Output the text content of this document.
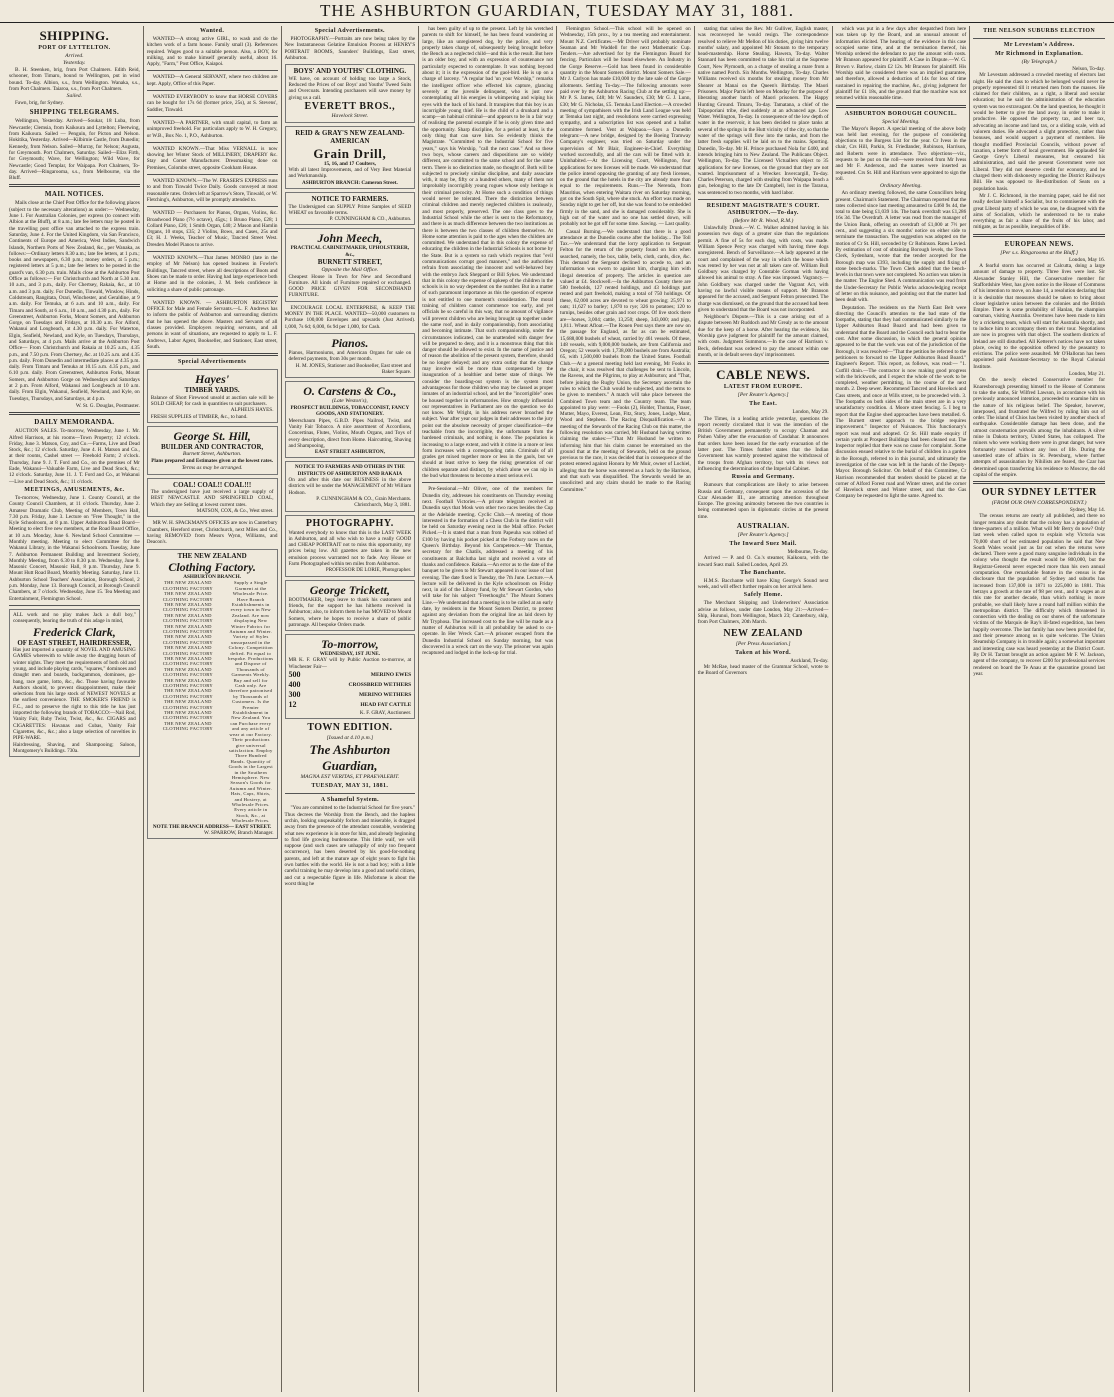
THE ASHBURTON GUARDIAN, TUESDAY MAY 31, 1881.
SHIPPING.
PORT OF LYTTELTON.
Arrived.
Yesterday.

B. H. Steenken, brig, from Port Chalmers. Edith Reid, schooner, from Timaru, bound to Wellington, put in wind bound. To-day. Albion, s.s., from Wellington. Wanaka, s.s., from Port Chalmers. Taiaroa, s.s., from Port Chalmers.

Sailed.

Fawn, brig, for Sydney.

SHIPPING TELEGRAMS.

Wellington, Yesterday. Arrived—Soukar, 18 Luba, from Newcastle; Clemsia, from Kaikoura and Lyttelton; Fleetwing, from Kaikoura. Sailed — Penguin, for Picton and Nelson. Hokitika, Yesterday. Arrived—Kilbirnie Castle, from Dunedin; Kennedy, from Nelson. Sailed—Murray, for Nelson; Augusta, for Greymouth. Port Chalmers, Saturday. Sailed—Elizs Firth, for Greymouth; Wave, for Wellington; Wild Wave, for Newcastle; Good Templar, for Waipapa. Port Chalmers, To-day. Arrived—Ringarooma, s.s., from Melbourne, via the Bluff.

MAIL NOTICES.

Mails close at the Chief Post Office for the following places (subject to the necessary alterations) as under:— Wednesday, June 1. For Australian Colonies, per express (to connect with Albion at the Bluff), at 8 a.m.; late fee letters may be posted in the travelling post office van attached to the express train. Saturday, June 4. For the United Kingdom, via San Francisco, Continents of Europe and America, West Indies, Sandwich Islands, Northern Ports of New Zealand, &c., per Wanaka, as follows:—Ordinary letters 8.30 a.m.; late fee letters, at 1 p.m.; books and newspapers, 6.30 p.m.; money orders, at 5 p.m.; registered letters at 5 p.m.; late fee letters to be posted in the guard's van, 6.30 p.m. train. Mails close at the Ashburton Post Office as follows:— For Christchurch and North at 5.30 a.m. 10 a.m., and 3 p.m., daily. For Chertsey, Rakaia, &c., at 10 a.m. and 3 p.m. daily. For Dunedin, Tinwald, Winslow, Hinds, Coldstream, Rangitata, Orari, Winchester, and Geraldine, at 9 a.m. daily. For Temuka, at 6 a.m. and 10 a.m., daily. For Timaru and South, at 6 a.m., 10 a.m., and 4.30 p.m., daily. For Greenstreet, Ashburton Forks, Mount Somers, and Ashburton Gorge, on Tuesdays and Fridays, at 10.30 a.m. For Alford, Wakanui and Longbeach, at 4.30 p.m. daily. For Waterton, Elgin, Seafield, Newland, and Kyle, on Tuesdays, Thursdays, and Saturdays, at 4 p.m. Mails arrive at the Ashburton Post Office— From Christchurch and Rakaia at 10.25 a.m., 4.35 p.m., and 7.50 p.m. From Chertsey, &c. at 10.25 a.m. and 4.35 p.m. daily. From Dunedin and intermediate places at 4.35 p.m. daily. From Timaru and Temuka at 10.15 a.m. 4.35 p.m., and 6.10 p.m. daily. From Greenstreet, Ashburton Forks, Mount Somers, and Ashburton Gorge on Wednesdays and Saturdays at 2 p.m. From Alford, Wakanui and Longbeach at 10 a.m. daily. From Elgin, Wakanui, Seafield, Newland, and Kyle, on Tuesdays, Thursdays, and Saturdays, at 4 p.m.

W. St. G. Douglas, Postmaster.
DAILY MEMORANDA.

AUCTION SALES. To-morrow, Wednesday, June 1. Mr. Alfred Harrison, at his rooms—Town Property; 12 o'clock. Friday, June 3. Matson, Coy, and Co.—Farms, Live and Dead Stock, &c.; 12 o'clock. Saturday, June 4. H. Matson and Co., at their rooms, Cashel street — Freehold Farm; 2 o'clock. Thursday, June 9. J. T. Ford and Co., on the premises of Mr Eade, Wakanui—Valuable Farm, Live and Dead Stock, &c.; 12 o'clock. Saturday, June 11. J. T. Ford and Co., at Wakanui—Live and Dead Stock, &c.; 11 o'clock.

MEETINGS, AMUSEMENTS, &c.

To-morrow, Wednesday, June 1. County Council, at the County Council Chambers, at 11 o'clock. Thursday, June 2. Amateur Dramatic Club, Meeting of Members, Town Hall, 7.30 p.m. Friday, June 3. Lecture on "Free Thought," in the Kyle Schoolroom, at 8 p.m. Upper Ashburton Road Board—Meeting to elect five new members, at the Road Board Office, at 10 a.m. Monday, June 6. Newland School Committee — Monthly meeting. Meeting to elect Committee for the Wakanui Library, in the Wakanui Schoolroom. Tuesday, June 7. Ashburton Permanent Building and Investment Society, Monthly Meeting, from 6.30 to 8.30 p.m. Wednesday, June 8. Masonic Concert, Masonic Hall, 8 p.m. Thursday, June 9. Mount Hutt Road Board, Monthly Meeting. Saturday, June 11. Ashburton School Teachers' Association, Borough School, 2 p.m. Monday, June 13. Borough Council, at Borough Council Chambers, at 7 o'clock. Wednesday, June 15. Tea Meeting and Entertainment, Flemington School.

ALL work and no play makes Jack a dull boy," consequently, bearing the truth of this adage in mind,
Frederick Clark,
OF EAST STREET, HAIRDRESSER,
Has just imported a quantity of NOVEL AND AMUSING GAMES wherewith to while away the dragging hours of winter nights. They meet the requirements of both old and young, and include playing cards, "squares," dominoes and draught men and boards, backgammon, dominoes, go-bang, race game, lotto, &c., &c. Those having favourite Authors should, to prevent disappointment, make their selections from his large stock of NEWEST NOVELS at the earliest convenience. THE SMOKER'S FRIEND is F.C., and to preserve the right to this title he has just imported the following brands of TOBACCO:—Nail Rod, Vanity Fair, Ruby Twist, Twist, &c., &c. CIGARS and CIGARETTES: Havanas and Cubas, Vanity Fair Cigarettes, &c., &c.; also a large selection of novelties in PIPE-WARE.
Hairdressing, Shaving, and Shampooing; Saloon, Montgomery's Buildings. 730a.
Wanted.

WANTED—A strong active GIRL, to wash and do the kitchen work of a farm house. Family small (3). References required. Wages good to a suitable person. Also, a BOY, for milking, and to make himself generally useful, about 16. Apply, "Farm," Post Office, Kaiapoi.

WANTED—A General SERVANT, where two children are kept. Apply, Office of this Paper.

WANTED EVERYBODY to know that HORSE COVERS can be bought for 17s 6d (former price, 25s), at S. Stevens', Saddler, Tinwald.

WANTED—A PARTNER, with small capital, to farm an unimproved freehold. For particulars apply to W. H. Gregory, or W.B., Box No. 1, P.O., Ashburton.

WANTED KNOWN.—That Miss VERNALL is now showing her Winter Stock of MILLINERY, DRAPERY &c. Stay and Corset Manufacturer. Dressmaking done on Premises, Colombo street, opposite Cookham House.

WANTED KNOWN.—The W. FRASER'S EXPRESS runs to and from Tinwald Twice Daily. Goods conveyed at most reasonable rates. Orders left at Sparrow's Store, Tinwald, or W. Fletching's, Ashburton, will be promptly attended to.

WANTED — Purchasers for Pianos, Organs, Violins, &c. Broadwood Piano (7½ octave), 45gs.; 1 Bruno Piano, £28; 1 Collard Piano, £26; 1 Smith Organ, £40; 2 Mason and Hamlin Organs, 10 stops, £35; 2 Violins, Bows, and Cases, 25s and £3; H. J. Weeks, Teacher of Music, Tancred Street West. Dresden Model Pianos to arrive.

WANTED KNOWN.—That James MONRO (late in the employ of Mr Nelson) has opened business in Fowler's Buildings, Tancred street, where all descriptions of Boots and Shoes can be made to order. Having had large experience both at Home and in the colonies, J. M. feels confidence in soliciting a share of public patronage.

WANTED KNOWN. — ASHBURTON REGISTRY OFFICE for Male and Female Servants.—L. F. Andrews has to inform the public of Ashburton and surrounding districts that he has opened the above. Masters and Servants of all classes provided. Employers requiring servants, and all persons in want of situations, are requested to apply to L. F. Andrews, Labor Agent, Bookseller, and Stationer, East street, South.

Special Advertisements
Hayes'
TIMBER YARDS.
Balance of Short Firewood unsold at auction sale will be SOLD CHEAP, for cash in quantities to suit purchasers.
ALPHEUS HAYES.
FRESH SUPPLIES of TIMBER, &c., to hand.
George St. Hill,
BUILDER AND CONTRACTOR,
Burnett Street, Ashburton.
Plans prepared and Estimates given at the lowest rates.
Terms as may be arranged.
COAL! COAL!! COAL!!!
The undersigned have just received a large supply of BEST NEWCASTLE AND SPRINGFIELD COAL, Which they are Selling at lowest current rates.
MATSON, COX, & Co., West street.

MR W. H. SPACKMAN'S OFFICES are now in Canterbury Chambers, Hereford street, Christchurch, next Miles and Co., having REMOVED from Messrs Wynn, Williams, and Deacon's.

THE NEW ZEALAND
Clothing Factory.
ASHBURTON BRANCH.
THE NEW ZEALAND CLOTHING FACTORY
THE NEW ZEALAND CLOTHING FACTORY
THE NEW ZEALAND CLOTHING FACTORY
THE NEW ZEALAND CLOTHING FACTORY
THE NEW ZEALAND CLOTHING FACTORY
THE NEW ZEALAND CLOTHING FACTORY
THE NEW ZEALAND CLOTHING FACTORY
THE NEW ZEALAND CLOTHING FACTORY
THE NEW ZEALAND CLOTHING FACTORY
THE NEW ZEALAND CLOTHING FACTORY
THE NEW ZEALAND CLOTHING FACTORY
THE NEW ZEALAND CLOTHING FACTORY
THE NEW ZEALAND CLOTHING FACTORY
THE NEW ZEALAND CLOTHING FACTORY
Supply a Single Garment at the Wholesale Price. Have Branch Establishments in every town in New Zealand. Are now displaying New Winter Fabrics for Autumn and Winter. Variety of Styles unsurpassed in the Colony. Competition defied. Fit equal to bespoke. Productions and Dispose of Thousands of Garments Weekly. Buy and sell for Cash only. Are therefore patronised by Thousands of Customers. Is the Premier Establishment in New Zealand. You can Purchase every and any article of wear at our Factory. Their productions give universal satisfaction. Employ Three Hundred Hands. Quantity of Goods in the Largest in the Southern Hemisphere. New Season's Goods for Autumn and Winter. Hats, Caps, Shirts, and Hosiery, at Wholesale Prices. Every article in Stock, &c., at Wholesale Prices.
NOTE THE BRANCH ADDRESS— EAST STREET.
W. SPARROW, Branch Manager.
Special Advertisements.

PHOTOGRAPHY.—Portraits are now being taken by the New Instantaneous Gelatine Emulsion Process at HENRY'S PORTRAIT ROOMS, Saunders' Buildings, East street, Ashburton.

BOYS' AND YOUTHS' CLOTHING.
WE have, on account of holding too large a Stock, Reduced the Prices of our Boys' and Youths' Tweed Suits and Overcoats. Intending purchasers will save money by giving us a call.
EVERETT BROS.,
Havelock Street.
REID & GRAY'S NEW ZEALAND-AMERICAN
Grain Drill,
15, 16, and 17 Coulters,
With all latest Improvements, and of Very Best Material and Workmanship.
ASHBURTON BRANCH: Cameron Street.
NOTICE TO FARMERS.
The Undersigned can SUPPLY Prime Samples of SEED WHEAT on favorable terms.
P. CUNNINGHAM & CO., Ashburton.
John Meech,
PRACTICAL CABINETMAKER, UPHOLSTERER, &c.,
BURNETT STREET,
Opposite the Mail Office.
Cheapest House in Town for New and Secondhand Furniture. All kinds of Furniture repaired or exchanged. GOOD PRICE GIVEN FOR SECONDHAND FURNITURE.

ENCOURAGE LOCAL ENTERPRISE, & KEEP THE MONEY IN THE PLACE. WANTED—50,000 customers to Purchase 100,000 Envelopes and upwards (Just Arrived). 1,000, 7s 6d; 6,000, 6s 9d per 1,000, for Cash.

Pianos.
Pianos, Harmoniums, and American Organs for sale on deferred payments, from 30s per month.
H. M. JONES, Stationer and Bookseller, East street and Baker Square.
O. Carstens & Co.,
(Late Weston's),
PROSPECT BUILDINGS, TOBACCONIST, FANCY GOODS, AND STATIONERY.
Meerschaum Pipes, G.B.D. Pipes Nailrod, Twist, and Vanity Fair Tobacco. A nice assortment of Accordions, Concertinas, Flutes, Violins, Mouth Organs, and Toys of every description, direct from Home. Haircutting, Shaving and Shampooing,
EAST STREET ASHBURTON,
NOTICE TO FARMERS AND OTHERS IN THE DISTRICTS OF ASHBURTON AND RAKAIA
On and after this date our BUSINESS in the above districts will be under the MANAGEMENT of Mr William Hodson.
P. CUNNINGHAM & CO., Grain Merchants. Christchurch, May 3, 1881.
PHOTOGRAPHY.
Wanted everybody to know that this is the LAST WEEK in Ashburton, and all who wish to have a really GOOD and CHEAP PORTRAIT not to miss this opportunity, my prices being low. All gazettes are taken in the new emulsion process warranted not to fade. Any House or Farm Photographed within ten miles from Ashburton.
PROFESSOR DE LORIE, Photographer.
George Trickett,
BOOTMAKER, begs leave to thank his customers and friends, for the support he has hitherto received in Ashburton; also, to inform them he has MOVED to Mount Somers, where he hopes to receive a share of public patronage. All bespoke Orders made.
To-morrow,
WEDNESDAY, 1ST JUNE.
MR K. F. GRAY will by Public Auction to-morrow, at Winchester Fair—
500	MERINO EWES
400	CROSSBRED WETHERS
300	MERINO WETHERS
12	HEAD FAT CATTLE
K. F. GRAY, Auctioneer.
TOWN EDITION.
[Issued at 4.10 p.m.]
The Ashburton Guardian,
MAGNA EST VERITAS, ET PRAEVALEBIT.
TUESDAY, MAY 31, 1881.
A Shameful System.

"You are committed to the Industrial School for five years." Thus decrees the Worship from the Bench, and the hapless urchin, looking unspeakably forlorn and miserable, is dragged away from the presence of the attendant constable, wondering what new experience is in store for him, and already beginning to find life growing burdensome. This little waif, we will suppose (and such cases are unhappily of only too frequent occurrence), has been deserted by his good-for-nothing parents, and left at the mature age of eight years to fight his own battles with the world. He is not a bad boy; with a little careful training he may develop into a good and useful citizen, and cut a respectable figure in life. Misfortune is about the worst thing he

has been guilty of up to the present. Left by his wretched parents to shift for himself, he has been found wandering at large, like an unregistered dog, by the police, and very properly taken charge of, subsequently being brought before the Bench as a neglected child—and this is the result. But here is an older boy, and with an expression of countenance not particularly expected to contemplate. It was nothing beyond about it; it is the expression of the gaol-bird. He is up on a charge of larceny. "A regular bad 'un your Worship," remarks the intelligent officer who effected his capture, glancing severely at the juvenile delinquent, who is just now contemplating all his energies in whimpering and wiping his eyes with the back of his hand. It transpires that this boy is an incorrigible young thief. He is the child of a drunkard and a scamp—an habitual criminal—and appears to be in a fair way of realising the parental example if he is only given time and the opportunity. Sharp discipline, for a period at least, is the only thing that can save him. So evidently thinks the Magistrate. "Committed to the Industrial School for five years," says his Worship, "call the next case." And so these two boys, whose careers and dispositions are so widely different, are committed to the same school and for the same term. There is no distinction made, no thought of. Both will be subjected to precisely similar discipline, and daily associate with, it may be, fifty or a hundred others, many of them not improbably incorrigibly young rogues whose only heritage is their criminal precocity. At Home such a condition of things would never be tolerated. There the distinction between criminal children and merely neglected children is zealously, and most properly, preserved. The one class goes to the Industrial School while the other is sent to the Reformatory, and there is as much difference between the two institutions as there is between the two classes of children themselves. At Home some attention is paid to the ages when the children are committed. We understand that in this colony the expense of educating the children in the Industrial Schools is not borne by the State. But is a system so rash which requires that "evil communications corrupt good manners," and the authorities refrain from associating the innocent and well-behaved boy with the embryo Jack Sheppard or Bill Sykes. We understand that in this colony the expense of upkeep of the children in the schools is in no way dependent on the number. But in a matter of such paramount importance as this the question of expense is not entitled to one moment's consideration. The moral training of children cannot commence too early, and yet officials be so careful in this way, that no amount of vigilance will prevent children who are being brought up together under the same roof, and in daily companionship, from associating and becoming intimate. That such companionship, under the circumstances indicated, can be unattended with danger few will be prepared to deny, and it is a monstrous thing that this danger should be allowed to exist. In the name of justice and of reason the abolition of the present system, therefore, should be no longer delayed; and any extra outlay that the change may involve will be more than compensated by the inauguration of a healthier and better state of things. We consider the boarding-out system is the system most advantageous for those children who may be classed as proper inmates of an industrial school, and let the "incorrigible" ones be housed together in reformatories. How strongly influential our representatives in Parliament are on the question we do not know. Mr Wright, in his address never broached the subject. Year after year our judges in their addresses to the jury point out the absolute necessity of proper classification—the teachable from the incorrigible, the unfortunate from the hardened criminals, and nothing is done. The population is increasing to a large extent, and with it crime in a more or less form increases with a corresponding ratio. Criminals of all grades get mixed together more or less in the gaols, but we should at least strive to keep the rising generation of our children separate and distinct, by which alone we can nip in the bud what threatens to become a most serious evil.

Pre-Sessional.—Mr Oliver, one of the members for Dunedin city, addresses his constituents on Thursday evening next. Football Victories.—A private telegram received at Dunedin says that Mosk won other two races besides the Cup at the Adelaide meeting. Cyclic Club.—A meeting of those interested in the formation of a Chess Club in the district will be held on Saturday evening next in the Mail office. Pocket Picked.—It is stated that a man from Papeuha was robbed of £100 by having his pocket picked at the Forbury races on the Queen's Birthday. Beyond his Competence.—Mr Thomas, secretary for the Chatils, addressed a meeting of his constituents at Balclutha last night and received a vote of thanks and confidence. Rakaia.—An error as to the date of the banquet to be given to Mr Stewart appeared in our issue of last evening. The date fixed is Tuesday, the 7th June. Lecture.—A lecture will be delivered in the Kyle schoolroom on Friday next, in aid of the Library fund, by Mr Stewart Gordon, who will take for his subject "Freethought." The Mount Somers Line.—We understand that a meeting is to be called at an early date, by residents in the Mount Somers District, to protest against any deviation from the original line as laid down by Mr Tryphosa. The increased cost to the line will be made as a matter of Ashburton will in all probability be asked to co-operate. In Her Wreck Cart.—A prisoner escaped from the Dunedin Industrial School on Sunday morning, but was discovered in a wreck cart on the way. The prisoner was again recaptured and lodged in the lock-up for trial.

Flemington School.—This school will be opened on Wednesday, 15th prox., by a tea meeting and entertainment. Mount N.Z. Certificates.—Mr Driver will probably nominate Seaman and Mr Waddell for the next Mathematic Cup. Tenders.—Are advertised for by the Flemington Board for fencing. Particulars will be found elsewhere. An Industry in the Gorge Reserve.—Gold has been found in considerable quantity in the Mount Somers district. Mount Somers Sale.—Mr J. Carlyon has made £10,000 by the late sale of the Gorge allotments. Settling To-day.—The following amounts were paid over by the Ashburton Racing Club at the settling up:—Mr P. S. James, £48; Mr W. Saunders, £30; Mr G. J. Lunn, £30; Mr G. Nicholas, £5. Temuka Land Election.—A crowded meeting of sympathisers with the Irish Land League was held at Temuka last night, and resolutions were carried expressing sympathy, and a subscription list was opened and a ballot committee formed. Vent at Waipaoa.—Says a Dunedin telegram:—A new bridge, designed by the Boeing Tramway Company's engineer, was tried on Saturday under the supervision of Mr Blair, Engineer-in-Chief. Everything worked successfully, and all the cars will be fitted with it. Uninhabited.—At the Licensing Court, Wellington, four applications for new licenses will be made. We understand that the police intend opposing the granting of any fresh licenses, on the ground that the hotels in the city are already more than equal to the requirements. Runs.—The Nerenda, from Mauritius, when entering Waitara river on Saturday morning, got on the South Spit, where she stuck. An effort was made on Sunday night to get her off, but she was found to be embedded firmly in the sand, and she is damaged considerably. She is high out of the water and no one has settled down, will probably not be got off for some time. Sawing. — Last quality.

Casual Burning.—We understand that there is a good attendance at the Dunedin course after the holiday... The Toll Tax.—We understand that the lorry application to Sergeant Felton for the return of the property found on him when searched, namely, the box, table, bells, cloth, cards, dice, &c. This demand the Sergeant declined to accede to, and an information was sworn to against him, charging him with illegal detention of property. The articles in question are valued at £4. Stockwell.—In the Ashburton County there are 580 freeholds, 127 rented holdings, and 43 holdings part rented and part freehold, making a total of 750 holdings. Of these, 62,000 acres are devoted to wheat growing; 25,971 to oats; 11,627 to barley; 1,870 to rye; 326 to potatoes; 120 to turnips, besides other grain and root crops. Of live stock there are—horses, 3,004; cattle, 13,250; sheep, 343,000; and pigs, 1,811. Wheat Afloat.—The Rouen Post says there are now on the passage for England, as far as can be estimated, 15,688,000 bushels of wheat, carried by 461 vessels. Of these, 148 vessels, with 9,000,000 bushels, are from California and Oregon; 52 vessels with 1,738,000 bushels are from Australia; 65, with 1,500,000 bushels from the United States. Football Club.—At a general meeting held last evening, Mr Fooks in the chair, it was resolved that challenges be sent to Lincoln, the Ravens, and the Pilgrims, to play at Ashburton; and "That, before joining the Rugby Union, the Secretary ascertain the rules to which the Club would be subjected, and the terms to be given to members." A match will take place between the Combined Town team and the Country team. The team appointed to play were: —Fooks (2), Holder, Thomas, Fraser, Mutter, Mayo, Everest, Lean, Fitz, Story, Jones, Lodge, Mant, Wood and Stephens. The Racing Disqualification.—At a meeting of the Stewards of the Racing Club on this matter, the following resolution was carried, Mr Husband having written claiming the stakes:—"That Mr Husband be written to informing him that his claim cannot be entertained on the ground that at the meeting of Stewards, held on the ground previous to the race, it was decided that in consequence of the protest entered against Honora by Mr Muir, owner of Lochiel, alleging that the horse was entered as a hack by the Harrison, and that such was disqualified. The Stewards would be an unsolicited and any claim should be made to the Racing Committee."

stating that unless the Rev. Mr Gulliver, English master, was reconveyed he would resign. The correspondence resolved to relieve Mr Mellon of his duties, giving him twelve months' salary, and appointed Mr Stonam to the temporary head-mastership. Horse Stealing. Hawera, To-day. Walter Stannard has been committed to take his trial at the Supreme Court, New Plymouth, on a charge of stealing a mare from a native named Porch. Six Months. Wellington, To-day. Charles Williams received six months for stealing money from Mr Shearer at Manai on the Queen's Birthday. The Maori Prisoners. Major Parris left here on Monday for the purpose of liberating another batch of Maori prisoners. The Happy Hunting Ground. Timaru, To-day. Tamatana, a chief of the Taipoporiani tribe, died suddenly at an advanced age. Low Water. Wellington, To-day. In consequence of the low depth of water in the reservoir, it has been decided to place tanks at several of the springs in the Hutt vicinity of the city, so that the water of the springs will flow into the tanks, and from the latter fresh supplies will be laid on to the mains. Sporting. Dunedin, To-day. Mr H. Prince purchased Nola for £400, and intends bringing him to New Zealand. The Publicans Object. Wellington, To-day. The Licensed Victuallers object to 35 applications for new licenses, on the ground that they are not wanted. Imprisonment of a Wrecker. Invercargill, To-day. Charles Peterson, charged with stealing from Waipapa beach a gun, belonging to the late Dr Campbell, lost in the Tararua, was sentenced to two months, with hard labor.

RESIDENT MAGISTRATE'S COURT. ASHBURTON.—To-day.
(Before Mr R. Wood, R.M.)

Unlawfully Drunk.—W. C. Walker admitted having in his possession two dogs of a greater size than the regulations permit. A fine of 5s for each dog, with costs, was made. William Spence Percy was charged with having three dogs unregistered. Bench of Surveillance.—A lady appeared at the court and complained of the way in which the house which was rented by her was not at all taken care of. William Bull Goldbury was charged by Constable Gorman with having allowed his animal to stray. A fine was imposed. Vagrancy.—John Goldbury was charged under the Vagrant Act, with having no lawful visible means of support. Mr Branson appeared for the accused, and Sergeant Felton prosecuted. The charge was dismissed, on the ground that the accused had been given to understand that the Board was not incorporated.

Neighbour's Dispute.—This is a case arising out of a dispute between Mr Ruddoch and Mr Grealy as to the amount due for the keep of a horse. After hearing the evidence, his Worship gave judgment for plaintiff for the amount claimed, with costs. Judgment Summons.—In the case of Harrison v. Beck, defendant was ordered to pay the amount within one month, or in default seven days' imprisonment.

CABLE NEWS.
LATEST FROM EUROPE.
[Per Reuter's Agency.]
The East.
London, May 29.

The Times, in a leading article yesterday, questions the report recently circulated that it was the intention of the British Government permanently to occupy Chaman and Pishen Valley after the evacuation of Candahar. It announces that orders have been issued for the early evacuation of the latter post. The Times further states that the Indian Government has warmly protested against the withdrawal of the troops from Afghan territory, but with its views not influencing the determination of the Imperial Cabinet.

Russia and Germany.

Rumours that complications are likely to arise between Russia and Germany, consequent upon the accession of the Czar Alexander III., are attracting attention throughout Europe. The growing animosity between the two countries is being commented upon in diplomatic circles at the present time.

AUSTRALIAN.
[Per Reuter's Agency.]
The Inward Suez Mail.
Melbourne, To-day.

Arrived — P. and O. Co.'s steamer, Kaikoura, with the inward Suez mail. Sailed London, April 29.

The Banchante.

H.M.S. Bacchante will have King George's Sound next week, and will effect further repairs on her arrival here.

Safely Home.

The Merchant Shipping and Underwriters' Association advise as follows, under date London, May 21:—Arrived—Ship, Hurunui, from Wellington, March 23; Canterbury, ship, from Port Chalmers, 20th March.

NEW ZEALAND
[Per Press Association.]
Taken at his Word.
Auckland, To-day.

Mr McRae, head master of the Grammar School, wrote to the Board of Governors

which was put in a few days after despatched from here was taken up by the Board, and an unusual amount of information elicited. The hearing of the evidence in this case occupied some time, and at the termination thereof, his Worship ordered the defendant to pay the amount with costs. Mr Branson appeared for plaintiff. A Case in Dispute.—W. G. Brown v. Barlow, claim £2 12s. Mr Branson for plaintiff. His Worship said he considered there was an implied guarantee, and therefore, allowed a deduction of 14s for loss of time sustained in repairing the machine, &c., giving judgment for plaintiff for £1 18s, and the ground that the machine was not returned within reasonable time.

ASHBURTON BOROUGH COUNCIL.
Special Meeting.

The Mayor's Report. A special meeting of the above body was held last evening, for the purpose of considering objections to the Burgess List for the year. Cr Ivess in the chair, Crs Hill, Parkin, St. Friedlander, Robinson, Harrison, and Roberts were in attendance. Two objections—viz., requests to be put on the roll—were received from Mr Ivess and Mr F. Anderson, and the names were inserted as requested. Crs St. Hill and Harrison were appointed to sign the roll.

Ordinary Meeting.

An ordinary meeting followed, the same Councillors being present. Chairman's Statement. The Chairman reported that the rates collected since last meeting amounted to £460 9s 4d, the total to date being £1,039 14s. The bank overdraft was £1,286 16s 3d. The Overdraft. A letter was read from the manager of the Union Bank, offering an overdraft of £1,000 at 7½ per cent., and suggesting a six months' notice on either side to terminate the transaction. The suggestion was adopted on the motion of Cr St. Hill, seconded by Cr Robinson. Rates Levied. By estimation of cost of obtaining Borough levels, the Town Clerk, Sydenham, wrote that the tender accepted for the Borough map was £393, including the supply and fixing of stone bench-marks. The Town Clerk added that the bench-levels in that town were not completed. No action was taken in the matter. The Engine Shed. A communication was read from the Under-Secretary for Public Works acknowledging receipt of letter on this nuisance, and pointing out that the matter had been dealt with.

Deputation. The residents on the North East Belt were directing the Council's attention to the bad state of the footpaths, stating that they had communicated similarly to the Upper Ashburton Road Board and had been given to understand that the Board and the Council each had to bear the cost. After some discussion, in which the general opinion appeared to be that the work was out of the jurisdiction of the Borough, it was resolved—"That the petition be referred to the petitioners to forward to the Upper Ashburton Road Board." Engineer's Report. This report, as follows, was read:— "1. Cutfill drain.—The contractor is now making good progress with the brickwork, and I expect the whole of the work to be completed, weather permitting, in the course of the next month. 2. Deep sewer. Recommend Tancred and Havelock and Cass streets, and once at Wills street, to be proceeded with. 3. The footpaths on both sides of the main street are in a very unsatisfactory condition. 4. Moore street fencing. 5. I beg to report that the Engine shed approaches have been metalled. 6. The Burnett street approach to the bridge requires improvement." Inspector of Nuisances. This functionary's report was read and adopted. Cr St. Hill made enquiry if certain yards at Prospect Buildings had been cleaned out. The Inspector replied that there was no cause for complaint. Some discussion ensued relative to the burial of children in a garden in the Borough, referred to in this journal, and ultimately the investigation of the case was left in the hands of the Deputy-Mayor. Borough Solicitor. On behalf of this Committee, Cr Harrison recommended that tenders should be placed at the corner of Alford Forest road and Winter street, and the corner of Havelock street and Winter street, and that the Gas Company be requested to light the same. Agreed to.

THE NELSON SUBURBS ELECTION
Mr Levestam's Address.
Mr Richmond in Explanation.
(By Telegraph.)
Nelson, To-day.

Mr Levestam addressed a crowded meeting of electors last night. He said the class to which he belonged would never be properly represented till it returned men from the masses. He claimed for their children, as a right, a liberal and secular education; but he said the administration of the education system was too extravagant. On the land question, he thought it would be better to give the land away, in order to make it productive. He opposed the property tax, and beer tax, advocating an income and land tax, or a sliding scale, with ad valorem duties. He advocated a slight protection, rather than bonuses, and would support a payment of members. He thought modified Provincial Councils, without power of taxation, a better form of local government. He applauded Sir George Grey's Liberal measures, but censured his administration, and said the present Government were not Liberal. They did not deserve credit for economy, and he charged them with dishonesty regarding the District Railways Bill. He was opposed to Re-distribution of Seats on a population basis.

Mr J. C. Richmond, in the morning paper, said he did not really declare himself a Socialist, but to commiserate with the great Liberal party of which he was one, he disagreed with the aims of Socialists, which he understood to be to make everything as fair a share of the fruits of his labor, and mitigate, as far as possible, inequalities of life.

EUROPEAN NEWS.
[Per s.s. Ringarooma at the Bluff.]
London, May 16.

A fearful storm has occurred at Calcutta, doing a large amount of damage to property. Three lives were lost. Sir Alexander Stanley Hill, the Conservative member for Staffordshire West, has given notice in the House of Commons of his intention to move, on June 14, a resolution declaring that it is desirable that measures should be taken to bring about closer legislative union between the colonies and the British Empire. There is some probability of Hanlan, the champion oarsman, visiting Australia. Overtures have been made to him by a cricketing team, which will start for Australia shortly, and to induce him to accompany them on their tour. Negotiations are now in progress with that object. The southern districts of Ireland are still disturbed. All Ketterer's notices have not taken place, owing to the opposition offered by the peasantry to evictions. The police were assaulted. Mr O'Halloran has been appointed paid Assistant-Secretary to the Royal Colonial Institute.

London, May 21.

On the newly elected Conservative member for Knaresborough presenting himself to the House of Commons to take the oaths, Sir Wilfred Lawson, in accordance with his previously announced intention, proceeded to examine him on the nature of his religious belief. The Speaker, however, interposed, and frustrated the Wilfred by ruling him out of order. The island of Chios has been visited by another shock of earthquake. Considerable damage has been done, and the utmost consternation prevails among the inhabitants. A silver mine in Dakota territory, United States, has collapsed. The miners who were working there were in great danger, but were fortunately rescued without any loss of life. During the unsettled state of affairs in St. Petersburg, where further attempts of assassination by Nihilists are feared, the Czar has determined upon transferring his residence to Moscow, the old capital of the empire.

OUR SYDNEY LETTER
(FROM OUR OWN CORRESPONDENT.)
Sydney, May 14.

The census returns are nearly all published, and there no longer remains any doubt that the colony has a population of three-quarters of a million. What will Mr Berry do now? Only last week when called upon to explain why Victoria was 70,000 short of her estimated population he said that New South Wales would just as far out when the returns were declared. There were a good many sanguine individuals in the colony who thought the result would be 800,000, but the Registrar-General never expected more than his own annual computation. One remarkable feature in the census is the disclosure that the population of Sydney and suburbs has increased from 137,000 in 1871 to 225,000 in 1881. This betrays a growth at the rate of 98 per cent., and it wages an at this rate for another decade, than which nothing is more probable, we shall likely have a round half million within the metropolitan district. The difficulty which threatened in connection with the dealing on our shores of the unfortunate victims of the Marquis de Ray's ill-fated expedition, has been happily overcome. The last family has now been provided for, and their presence among us is quite welcome. The Union Steamship Company is in trouble again; a somewhat important and interesting case was heard yesterday at the District Court. By Dr H. Tarrant brought an action against Mr F. W. Jackson, agent of the company, to recover £200 for professional services rendered on board the Te Anau at the quarantine ground last year.
